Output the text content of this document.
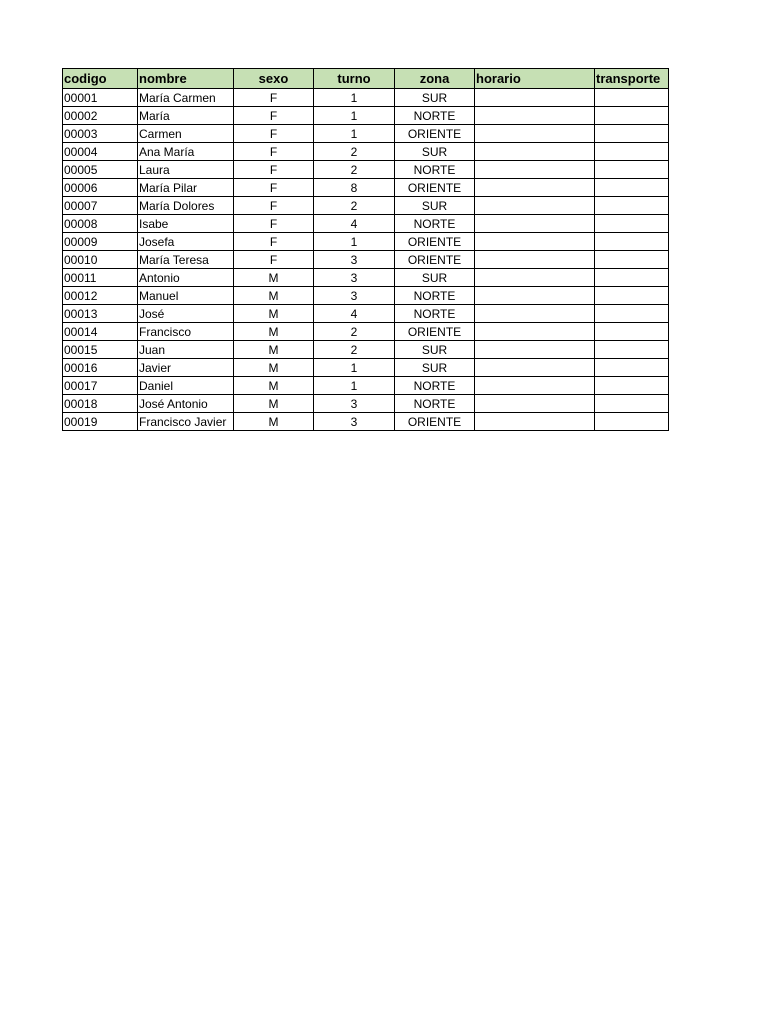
codigo	nombre	sexo	turno	zona	horario	transporte
00001	María Carmen	F	1	SUR		
00002	María	F	1	NORTE		
00003	Carmen	F	1	ORIENTE		
00004	Ana María	F	2	SUR		
00005	Laura	F	2	NORTE		
00006	María Pilar	F	8	ORIENTE		
00007	María Dolores	F	2	SUR		
00008	Isabe	F	4	NORTE		
00009	Josefa	F	1	ORIENTE		
00010	María Teresa	F	3	ORIENTE		
00011	Antonio	M	3	SUR		
00012	Manuel	M	3	NORTE		
00013	José	M	4	NORTE		
00014	Francisco	M	2	ORIENTE		
00015	Juan	M	2	SUR		
00016	Javier	M	1	SUR		
00017	Daniel	M	1	NORTE		
00018	José Antonio	M	3	NORTE		
00019	Francisco Javier	M	3	ORIENTE		
